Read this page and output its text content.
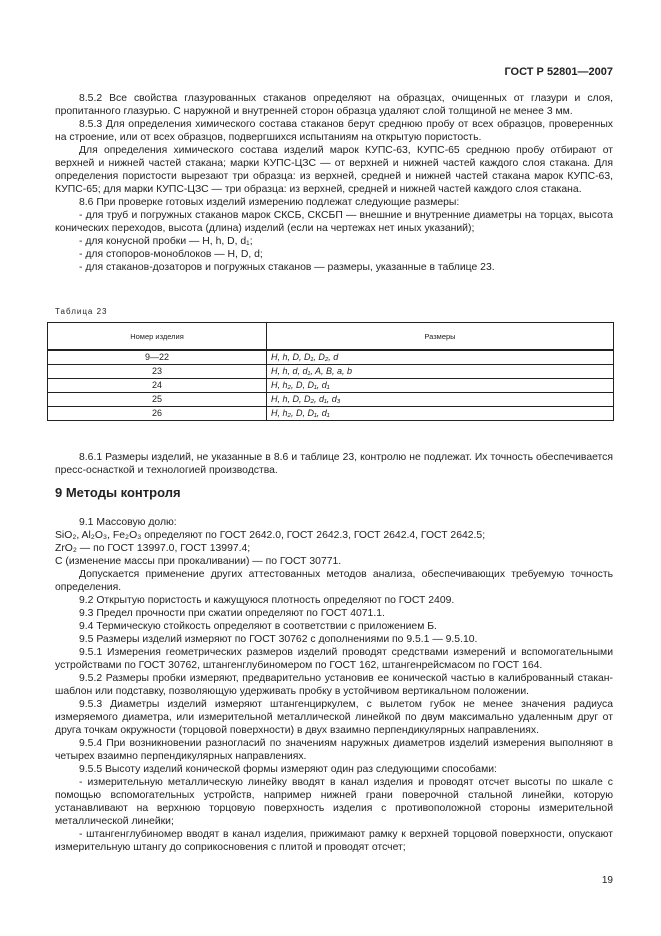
ГОСТ Р 52801—2007

8.5.2 Все свойства глазурованных стаканов определяют на образцах, очищенных от глазури и слоя, пропитанного глазурью. С наружной и внутренней сторон образца удаляют слой толщиной не менее 3 мм.

8.5.3 Для определения химического состава стаканов берут среднюю пробу от всех образцов, проверенных на строение, или от всех образцов, подвергшихся испытаниям на открытую пористость.

Для определения химического состава изделий марок КУПС-63, КУПС-65 среднюю пробу отбирают от верхней и нижней частей стакана; марки КУПС-ЦЗС — от верхней и нижней частей каждого слоя стакана. Для определения пористости вырезают три образца: из верхней, средней и нижней частей стакана марок КУПС-63, КУПС-65; для марки КУПС-ЦЗС — три образца: из верхней, средней и нижней частей каждого слоя стакана.

8.6 При проверке готовых изделий измерению подлежат следующие размеры:

- для труб и погружных стаканов марок СКСБ, СКСБП — внешние и внутренние диаметры на торцах, высота конических переходов, высота (длина) изделий (если на чертежах нет иных указаний);

- для конусной пробки — H, h, D, d₁;

- для стопоров-моноблоков — H, D, d;

- для стаканов-дозаторов и погружных стаканов — размеры, указанные в таблице 23.

Таблица 23
Номер изделия	Размеры
9—22	H, h, D, D₁, D₂, d
23	H, h, d, d₁, A, B, a, b
24	H, h₂, D, D₁, d₁
25	H, h, D, D₂, d₁, d₃
26	H, h₂, D, D₁, d₁

8.6.1 Размеры изделий, не указанные в 8.6 и таблице 23, контролю не подлежат. Их точность обеспечивается пресс-оснасткой и технологией производства.

9 Методы контроля

9.1 Массовую долю:

SiO₂, Al₂O₃, Fe₂O₃ определяют по ГОСТ 2642.0, ГОСТ 2642.3, ГОСТ 2642.4, ГОСТ 2642.5;

ZrO₂ — по ГОСТ 13997.0, ГОСТ 13997.4;

С (изменение массы при прокаливании) — по ГОСТ 30771.

Допускается применение других аттестованных методов анализа, обеспечивающих требуемую точность определения.

9.2 Открытую пористость и кажущуюся плотность определяют по ГОСТ 2409.

9.3 Предел прочности при сжатии определяют по ГОСТ 4071.1.

9.4 Термическую стойкость определяют в соответствии с приложением Б.

9.5 Размеры изделий измеряют по ГОСТ 30762 с дополнениями по 9.5.1 — 9.5.10.

9.5.1 Измерения геометрических размеров изделий проводят средствами измерений и вспомогательными устройствами по ГОСТ 30762, штангенглубиномером по ГОСТ 162, штангенрейсмасом по ГОСТ 164.

9.5.2 Размеры пробки измеряют, предварительно установив ее конической частью в калиброванный стакан-шаблон или подставку, позволяющую удерживать пробку в устойчивом вертикальном положении.

9.5.3 Диаметры изделий измеряют штангенциркулем, с вылетом губок не менее значения радиуса измеряемого диаметра, или измерительной металлической линейкой по двум максимально удаленным друг от друга точкам окружности (торцовой поверхности) в двух взаимно перпендикулярных направлениях.

9.5.4 При возникновении разногласий по значениям наружных диаметров изделий измерения выполняют в четырех взаимно перпендикулярных направлениях.

9.5.5 Высоту изделий конической формы измеряют один раз следующими способами:

- измерительную металлическую линейку вводят в канал изделия и проводят отсчет высоты по шкале с помощью вспомогательных устройств, например нижней грани поверочной стальной линейки, которую устанавливают на верхнюю торцовую поверхность изделия с противоположной стороны измерительной металлической линейки;

- штангенглубиномер вводят в канал изделия, прижимают рамку к верхней торцовой поверхности, опускают измерительную штангу до соприкосновения с плитой и проводят отсчет;

19
